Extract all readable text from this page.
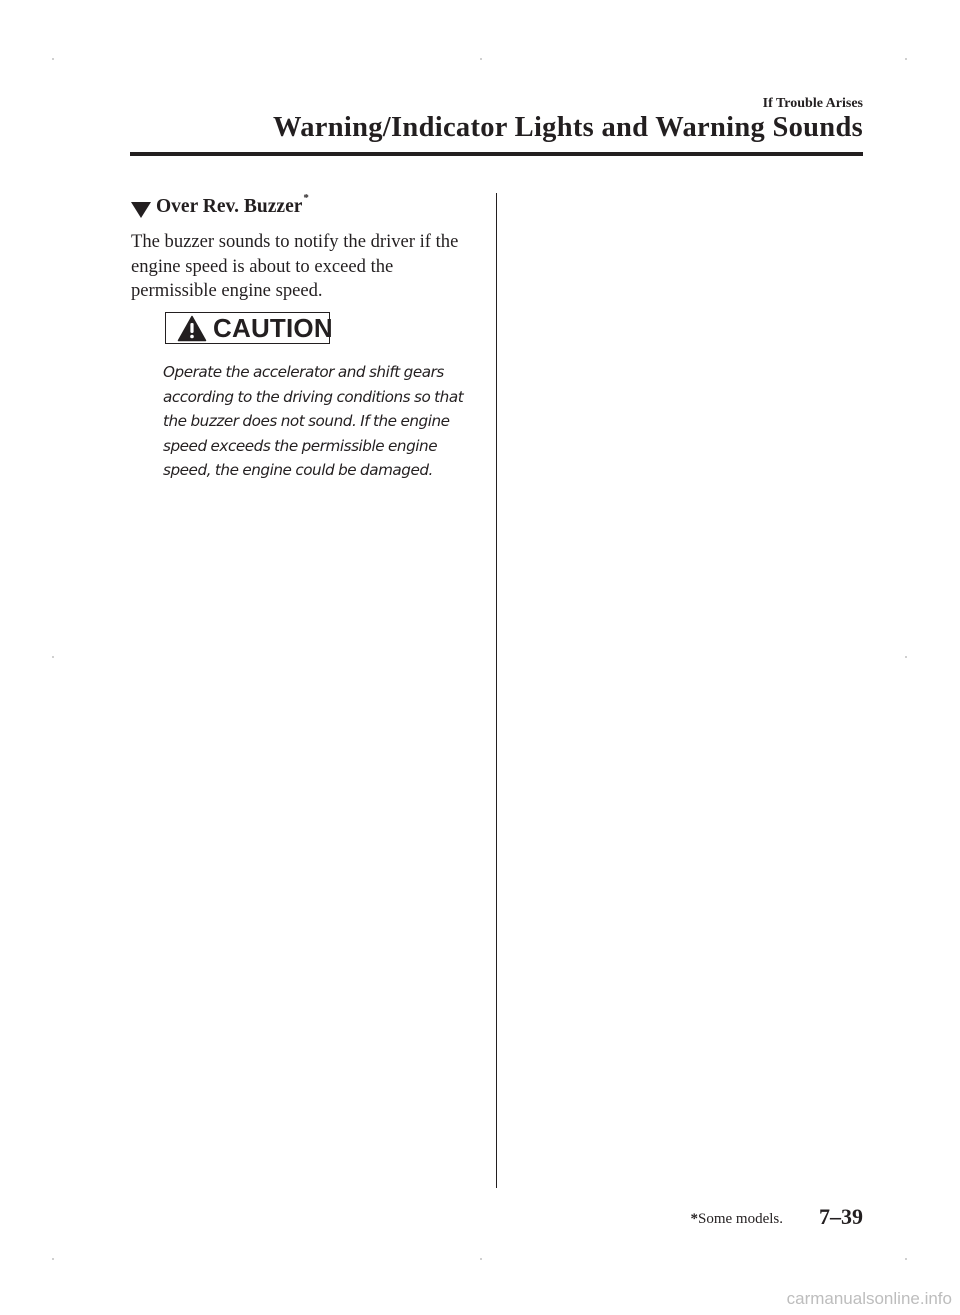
If Trouble Arises
Warning/Indicator Lights and Warning Sounds
Over Rev. Buzzer *
The buzzer sounds to notify the driver if the engine speed is about to exceed the permissible engine speed.
CAUTION
Operate the accelerator and shift gears according to the driving conditions so that the buzzer does not sound. If the engine speed exceeds the permissible engine speed, the engine could be damaged.
*Some models. 7–39
carmanualsonline.info
